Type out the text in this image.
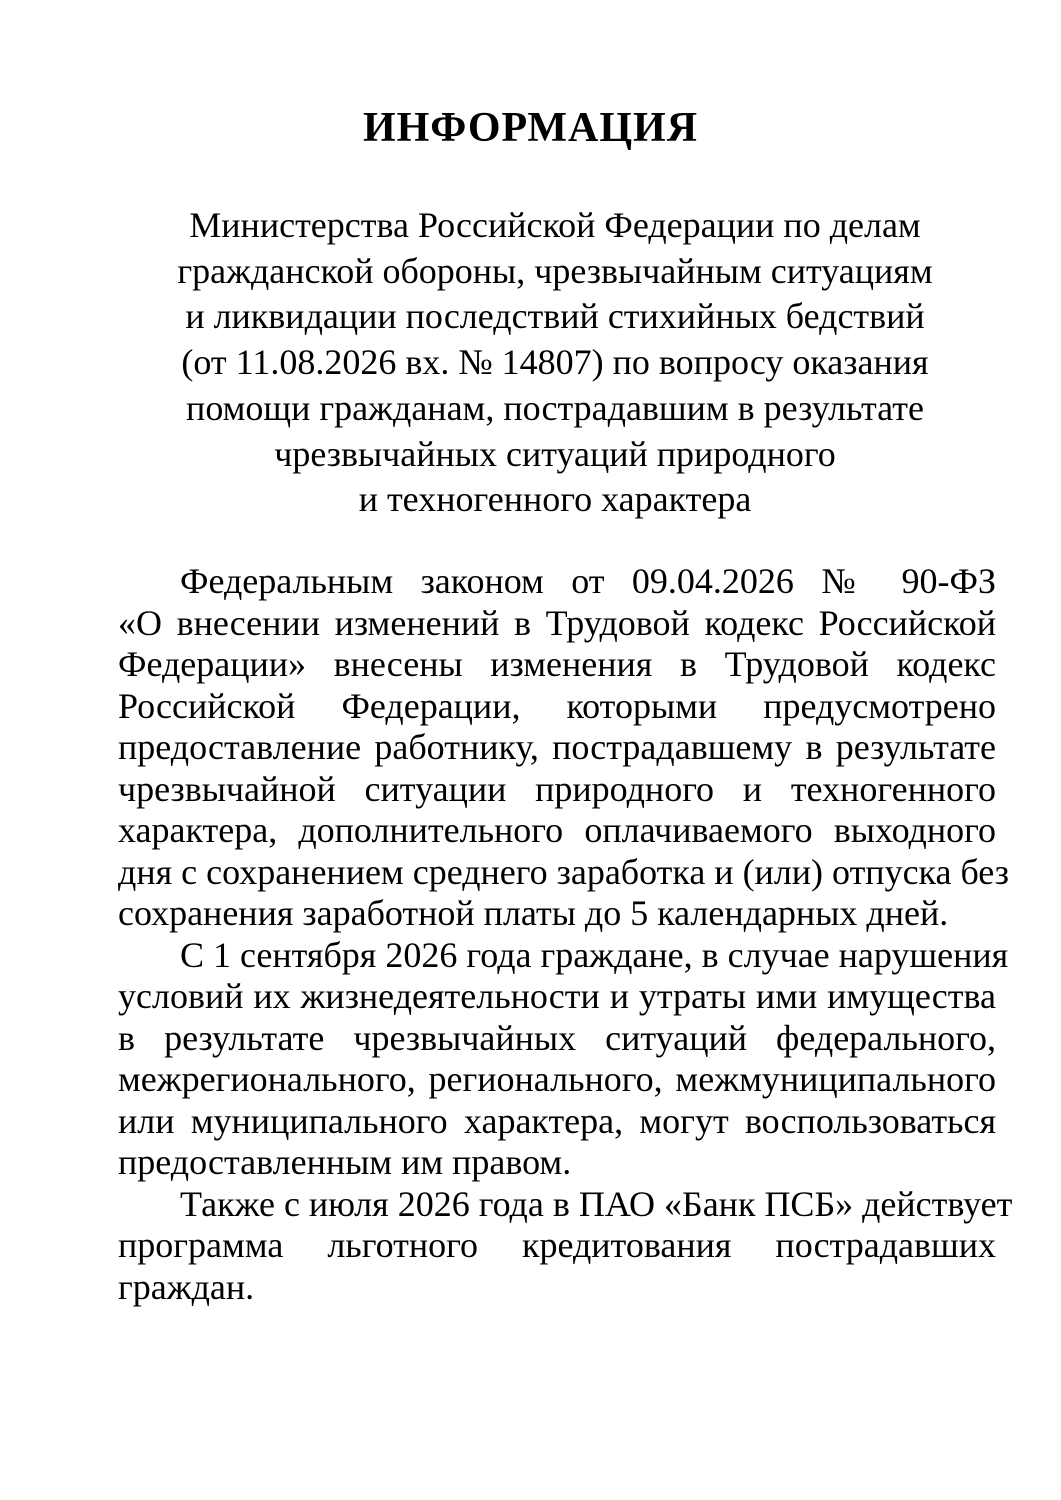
ИНФОРМАЦИЯ
Министерства Российской Федерации по делам
гражданской обороны, чрезвычайным ситуациям
и ликвидации последствий стихийных бедствий
(от 11.08.2026 вх. № 14807) по вопросу оказания
помощи гражданам, пострадавшим в результате
чрезвычайных ситуаций природного
и техногенного характера
Федеральным законом от 09.04.2026 № 90-ФЗ
«О внесении изменений в Трудовой кодекс Российской
Федерации» внесены изменения в Трудовой кодекс
Российской Федерации, которыми предусмотрено
предоставление работнику, пострадавшему в результате
чрезвычайной ситуации природного и техногенного
характера, дополнительного оплачиваемого выходного
дня с сохранением среднего заработка и (или) отпуска без
сохранения заработной платы до 5 календарных дней.
С 1 сентября 2026 года граждане, в случае нарушения
условий их жизнедеятельности и утраты ими имущества
в результате чрезвычайных ситуаций федерального,
межрегионального, регионального, межмуниципального
или муниципального характера, могут воспользоваться
предоставленным им правом.
Также с июля 2026 года в ПАО «Банк ПСБ» действует
программа льготного кредитования пострадавших
граждан.
